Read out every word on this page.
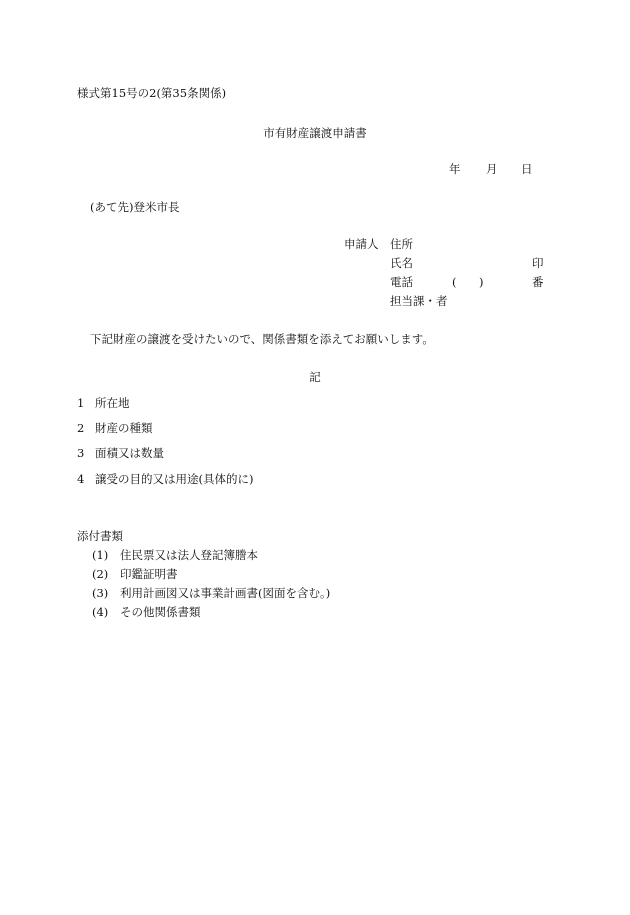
様式第15号の2(第35条関係)
市有財産譲渡申請書
年 月 日
(あて先)登米市長
申請人 住所
氏名	印
電話	( )	番
担当課・者
下記財産の譲渡を受けたいので、関係書類を添えてお願いします。
記
1 所在地
2 財産の種類
3 面積又は数量
4 譲受の目的又は用途(具体的に)
添付書類
(1) 住民票又は法人登記簿謄本
(2) 印鑑証明書
(3) 利用計画図又は事業計画書(図面を含む。)
(4) その他関係書類
